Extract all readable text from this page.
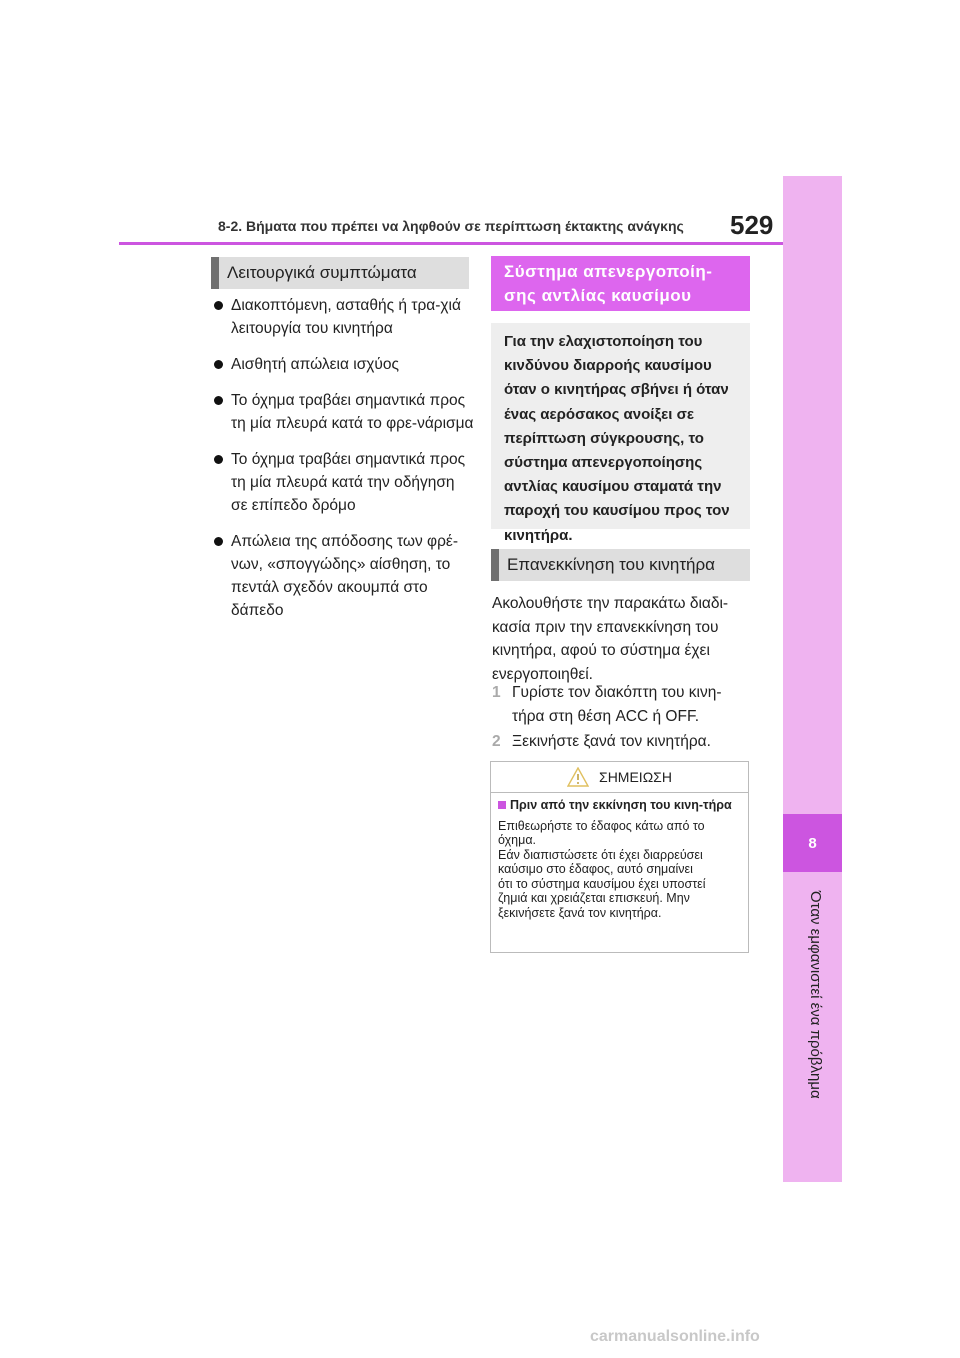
8
Όταν εμφανιστεί ένα πρόβλημα
8-2. Βήματα που πρέπει να ληφθούν σε περίπτωση έκτακτης ανάγκης 529
Λειτουργικά συμπτώματα
Διακοπτόμενη, ασταθής ή τρα-χιά λειτουργία του κινητήρα
Αισθητή απώλεια ισχύος
Το όχημα τραβάει σημαντικά προς τη μία πλευρά κατά το φρε-νάρισμα
Το όχημα τραβάει σημαντικά προς τη μία πλευρά κατά την οδήγηση σε επίπεδο δρόμο
Απώλεια της απόδοσης των φρέ-νων, «σπογγώδης» αίσθηση, το πεντάλ σχεδόν ακουμπά στο δάπεδο
Σύστημα απενεργοποίη-σης αντλίας καυσίμου
Για την ελαχιστοποίηση του κινδύνου διαρροής καυσίμου όταν ο κινητήρας σβήνει ή όταν ένας αερόσακος ανοίξει σε περίπτωση σύγκρουσης, το σύστημα απενεργοποίησης αντλίας καυσίμου σταματά την παροχή του καυσίμου προς τον κινητήρα.
Επανεκκίνηση του κινητήρα
Ακολουθήστε την παρακάτω διαδι-κασία πριν την επανεκκίνηση του κινητήρα, αφού το σύστημα έχει ενεργοποιηθεί.
1 Γυρίστε τον διακόπτη του κινη-τήρα στη θέση ACC ή OFF.
2 Ξεκινήστε ξανά τον κινητήρα.
ΣΗΜΕΙΩΣΗ
Πριν από την εκκίνηση του κινη-τήρα
Επιθεωρήστε το έδαφος κάτω από το
όχημα.
Εάν διαπιστώσετε ότι έχει διαρρεύσει
καύσιμο στο έδαφος, αυτό σημαίνει
ότι το σύστημα καυσίμου έχει υποστεί
ζημιά και χρειάζεται επισκευή. Μην
ξεκινήσετε ξανά τον κινητήρα.
carmanualsonline.info
